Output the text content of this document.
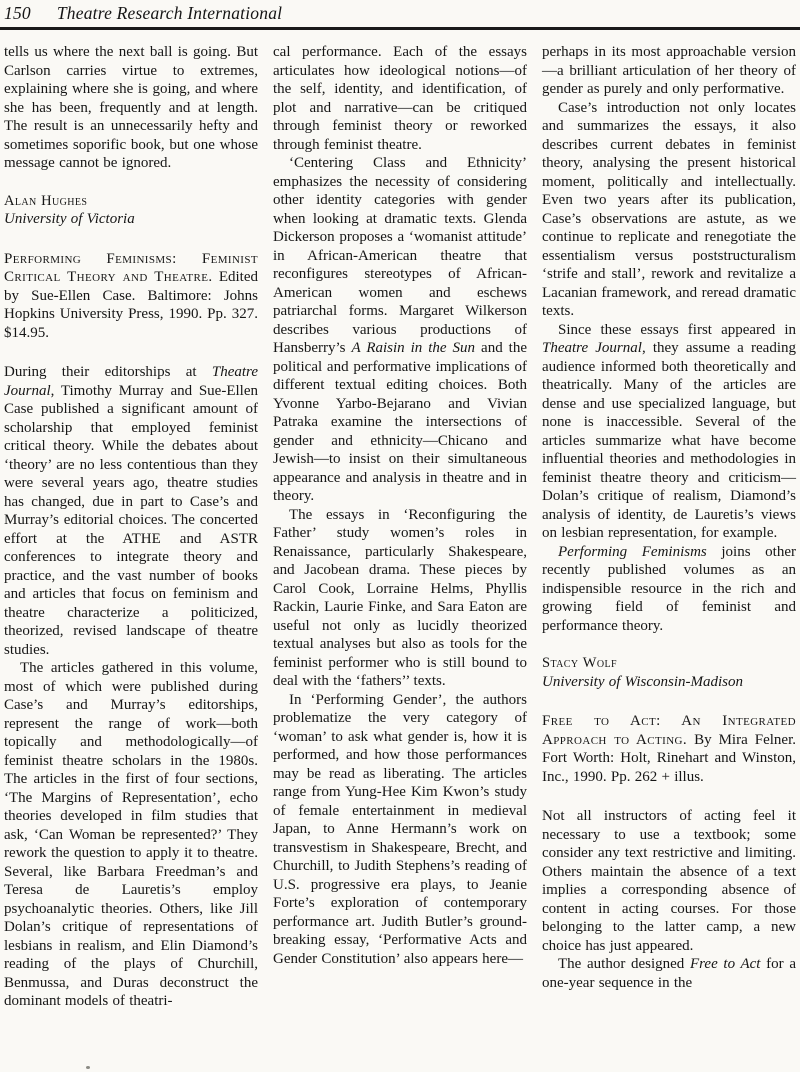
150 Theatre Research International

tells us where the next ball is going. But Carlson carries virtue to extremes, explaining where she is going, and where she has been, frequently and at length. The result is an unnecessarily hefty and sometimes soporific book, but one whose message cannot be ignored.

Alan Hughes

University of Victoria

Performing Feminisms: Feminist Critical Theory and Theatre. Edited by Sue-Ellen Case. Baltimore: Johns Hopkins University Press, 1990. Pp. 327. $14.95.

During their editorships at Theatre Journal, Timothy Murray and Sue-Ellen Case published a significant amount of scholarship that employed feminist critical theory. While the debates about ‘theory’ are no less contentious than they were several years ago, theatre studies has changed, due in part to Case’s and Murray’s editorial choices. The concerted effort at the ATHE and ASTR conferences to integrate theory and practice, and the vast number of books and articles that focus on feminism and theatre characterize a politicized, theorized, revised landscape of theatre studies.

The articles gathered in this volume, most of which were published during Case’s and Murray’s editorships, represent the range of work—both topically and methodologically—of feminist theatre scholars in the 1980s. The articles in the first of four sections, ‘The Margins of Representation’, echo theories developed in film studies that ask, ‘Can Woman be represented?’ They rework the question to apply it to theatre. Several, like Barbara Freedman’s and Teresa de Lauretis’s employ psychoanalytic theories. Others, like Jill Dolan’s critique of representations of lesbians in realism, and Elin Diamond’s reading of the plays of Churchill, Benmussa, and Duras deconstruct the dominant models of theatri-

cal performance. Each of the essays articulates how ideological notions—of the self, identity, and identification, of plot and narrative—can be critiqued through feminist theory or reworked through feminist theatre.

‘Centering Class and Ethnicity’ emphasizes the necessity of considering other identity categories with gender when looking at dramatic texts. Glenda Dickerson proposes a ‘womanist attitude’ in African-American theatre that reconfigures stereotypes of African-American women and eschews patriarchal forms. Margaret Wilkerson describes various productions of Hansberry’s A Raisin in the Sun and the political and performative implications of different textual editing choices. Both Yvonne Yarbo-Bejarano and Vivian Patraka examine the intersections of gender and ethnicity—Chicano and Jewish—to insist on their simultaneous appearance and analysis in theatre and in theory.

The essays in ‘Reconfiguring the Father’ study women’s roles in Renaissance, particularly Shakespeare, and Jacobean drama. These pieces by Carol Cook, Lorraine Helms, Phyllis Rackin, Laurie Finke, and Sara Eaton are useful not only as lucidly theorized textual analyses but also as tools for the feminist performer who is still bound to deal with the ‘fathers’’ texts.

In ‘Performing Gender’, the authors problematize the very category of ‘woman’ to ask what gender is, how it is performed, and how those performances may be read as liberating. The articles range from Yung-Hee Kim Kwon’s study of female entertainment in medieval Japan, to Anne Hermann’s work on transvestism in Shakespeare, Brecht, and Churchill, to Judith Stephens’s reading of U.S. progressive era plays, to Jeanie Forte’s exploration of contemporary performance art. Judith Butler’s ground-breaking essay, ‘Performative Acts and Gender Constitution’ also appears here—

perhaps in its most approachable version—a brilliant articulation of her theory of gender as purely and only performative.

Case’s introduction not only locates and summarizes the essays, it also describes current debates in feminist theory, analysing the present historical moment, politically and intellectually. Even two years after its publication, Case’s observations are astute, as we continue to replicate and renegotiate the essentialism versus poststructuralism ‘strife and stall’, rework and revitalize a Lacanian framework, and reread dramatic texts.

Since these essays first appeared in Theatre Journal, they assume a reading audience informed both theoretically and theatrically. Many of the articles are dense and use specialized language, but none is inaccessible. Several of the articles summarize what have become influential theories and methodologies in feminist theatre theory and criticism—Dolan’s critique of realism, Diamond’s analysis of identity, de Lauretis’s views on lesbian representation, for example.

Performing Feminisms joins other recently published volumes as an indispensible resource in the rich and growing field of feminist and performance theory.

Stacy Wolf

University of Wisconsin-Madison

Free to Act: An Integrated Approach to Acting. By Mira Felner. Fort Worth: Holt, Rinehart and Winston, Inc., 1990. Pp. 262 + illus.

Not all instructors of acting feel it necessary to use a textbook; some consider any text restrictive and limiting. Others maintain the absence of a text implies a corresponding absence of content in acting courses. For those belonging to the latter camp, a new choice has just appeared.

The author designed Free to Act for a one-year sequence in the
